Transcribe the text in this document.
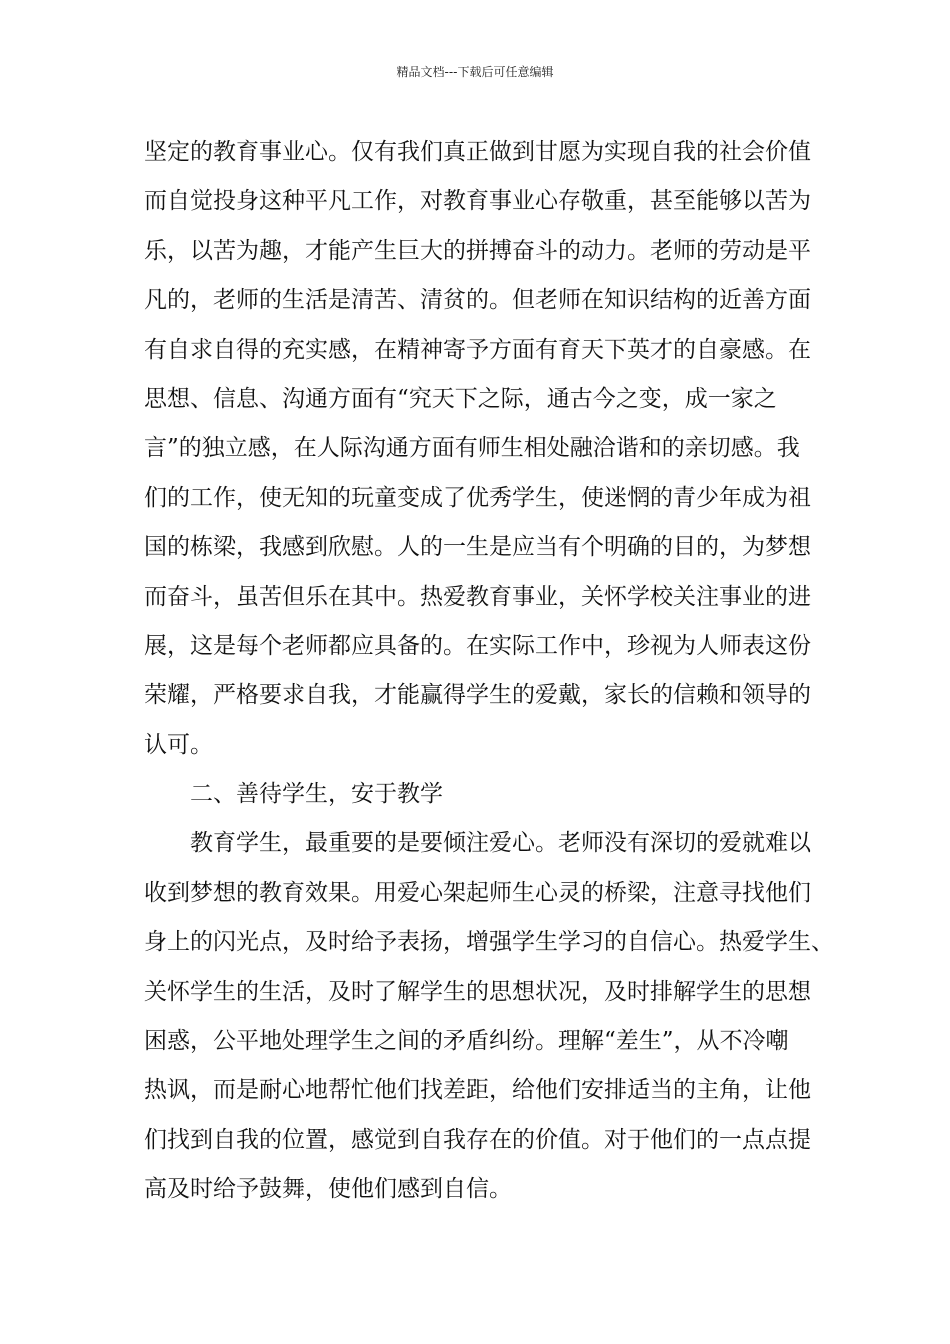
精品文档---下载后可任意编辑
坚定的教育事业心。仅有我们真正做到甘愿为实现自我的社会价值
而自觉投身这种平凡工作，对教育事业心存敬重，甚至能够以苦为
乐，以苦为趣，才能产生巨大的拼搏奋斗的动力。老师的劳动是平
凡的，老师的生活是清苦、清贫的。但老师在知识结构的近善方面
有自求自得的充实感，在精神寄予方面有育天下英才的自豪感。在
思想、信息、沟通方面有“究天下之际，通古今之变，成一家之
言”的独立感，在人际沟通方面有师生相处融洽谐和的亲切感。我
们的工作，使无知的玩童变成了优秀学生，使迷惘的青少年成为祖
国的栋梁，我感到欣慰。人的一生是应当有个明确的目的，为梦想
而奋斗，虽苦但乐在其中。热爱教育事业，关怀学校关注事业的进
展，这是每个老师都应具备的。在实际工作中，珍视为人师表这份
荣耀，严格要求自我，才能赢得学生的爱戴，家长的信赖和领导的
认可。
二、善待学生，安于教学
教育学生，最重要的是要倾注爱心。老师没有深切的爱就难以
收到梦想的教育效果。用爱心架起师生心灵的桥梁，注意寻找他们
身上的闪光点，及时给予表扬，增强学生学习的自信心。热爱学生、
关怀学生的生活，及时了解学生的思想状况，及时排解学生的思想
困惑，公平地处理学生之间的矛盾纠纷。理解“差生”，从不冷嘲
热讽，而是耐心地帮忙他们找差距，给他们安排适当的主角，让他
们找到自我的位置，感觉到自我存在的价值。对于他们的一点点提
高及时给予鼓舞，使他们感到自信。
